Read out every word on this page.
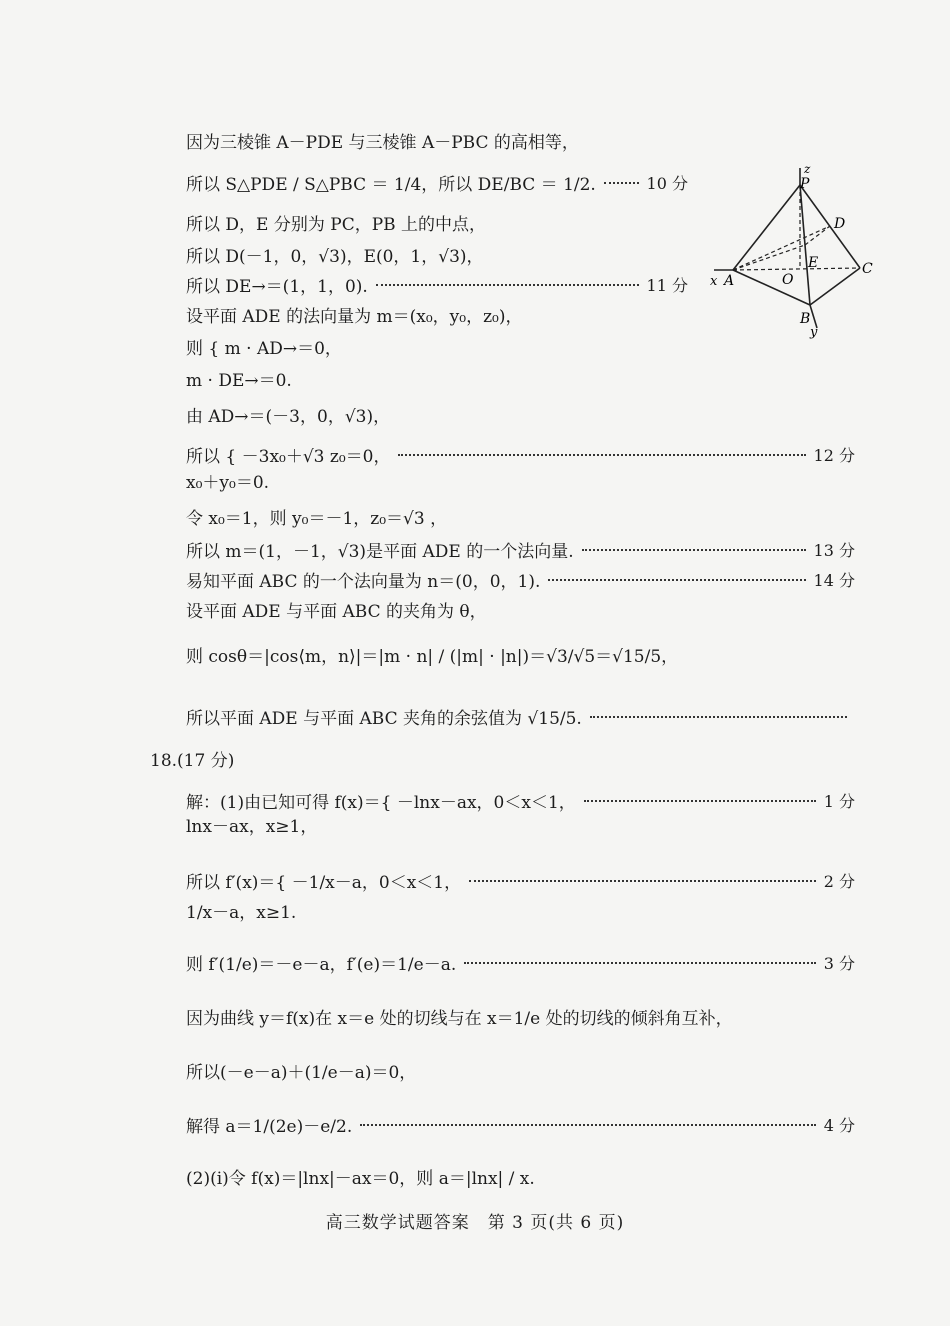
z
P
D
E	C
x A	O
B
y
因为三棱锥 A－PDE 与三棱锥 A－PBC 的高相等，
所以 S△PDE / S△PBC ＝ 1/4，所以 DE/BC ＝ 1/2.	10 分
所以 D，E 分别为 PC，PB 上的中点，
所以 D(－1，0，√3)，E(0，1，√3)，
所以 DE→＝(1，1，0).	11 分
设平面 ADE 的法向量为 m＝(x₀，y₀，z₀)，
则 { m · AD→＝0，
m · DE→＝0.
由 AD→＝(－3，0，√3)，
所以 { －3x₀＋√3 z₀＝0，	12 分
x₀＋y₀＝0.
令 x₀＝1，则 y₀＝－1，z₀＝√3 ，
所以 m＝(1，－1，√3)是平面 ADE 的一个法向量.	13 分
易知平面 ABC 的一个法向量为 n＝(0，0，1).	14 分
设平面 ADE 与平面 ABC 的夹角为 θ，
则 cosθ＝|cos⟨m，n⟩|＝|m · n| / (|m| · |n|)＝√3/√5＝√15/5，
所以平面 ADE 与平面 ABC 夹角的余弦值为 √15/5.
18.(17 分)
解：(1)由已知可得 f(x)＝{ －lnx－ax，0＜x＜1，	1 分
lnx－ax，x≥1，
所以 f′(x)＝{ －1/x－a，0＜x＜1，	2 分
1/x－a，x≥1.
则 f′(1/e)＝－e－a，f′(e)＝1/e－a.	3 分
因为曲线 y＝f(x)在 x＝e 处的切线与在 x＝1/e 处的切线的倾斜角互补，
所以(－e－a)＋(1/e－a)＝0，
解得 a＝1/(2e)－e/2.	4 分
(2)(i)令 f(x)＝|lnx|－ax＝0，则 a＝|lnx| / x.
高三数学试题答案　第 3 页(共 6 页)
